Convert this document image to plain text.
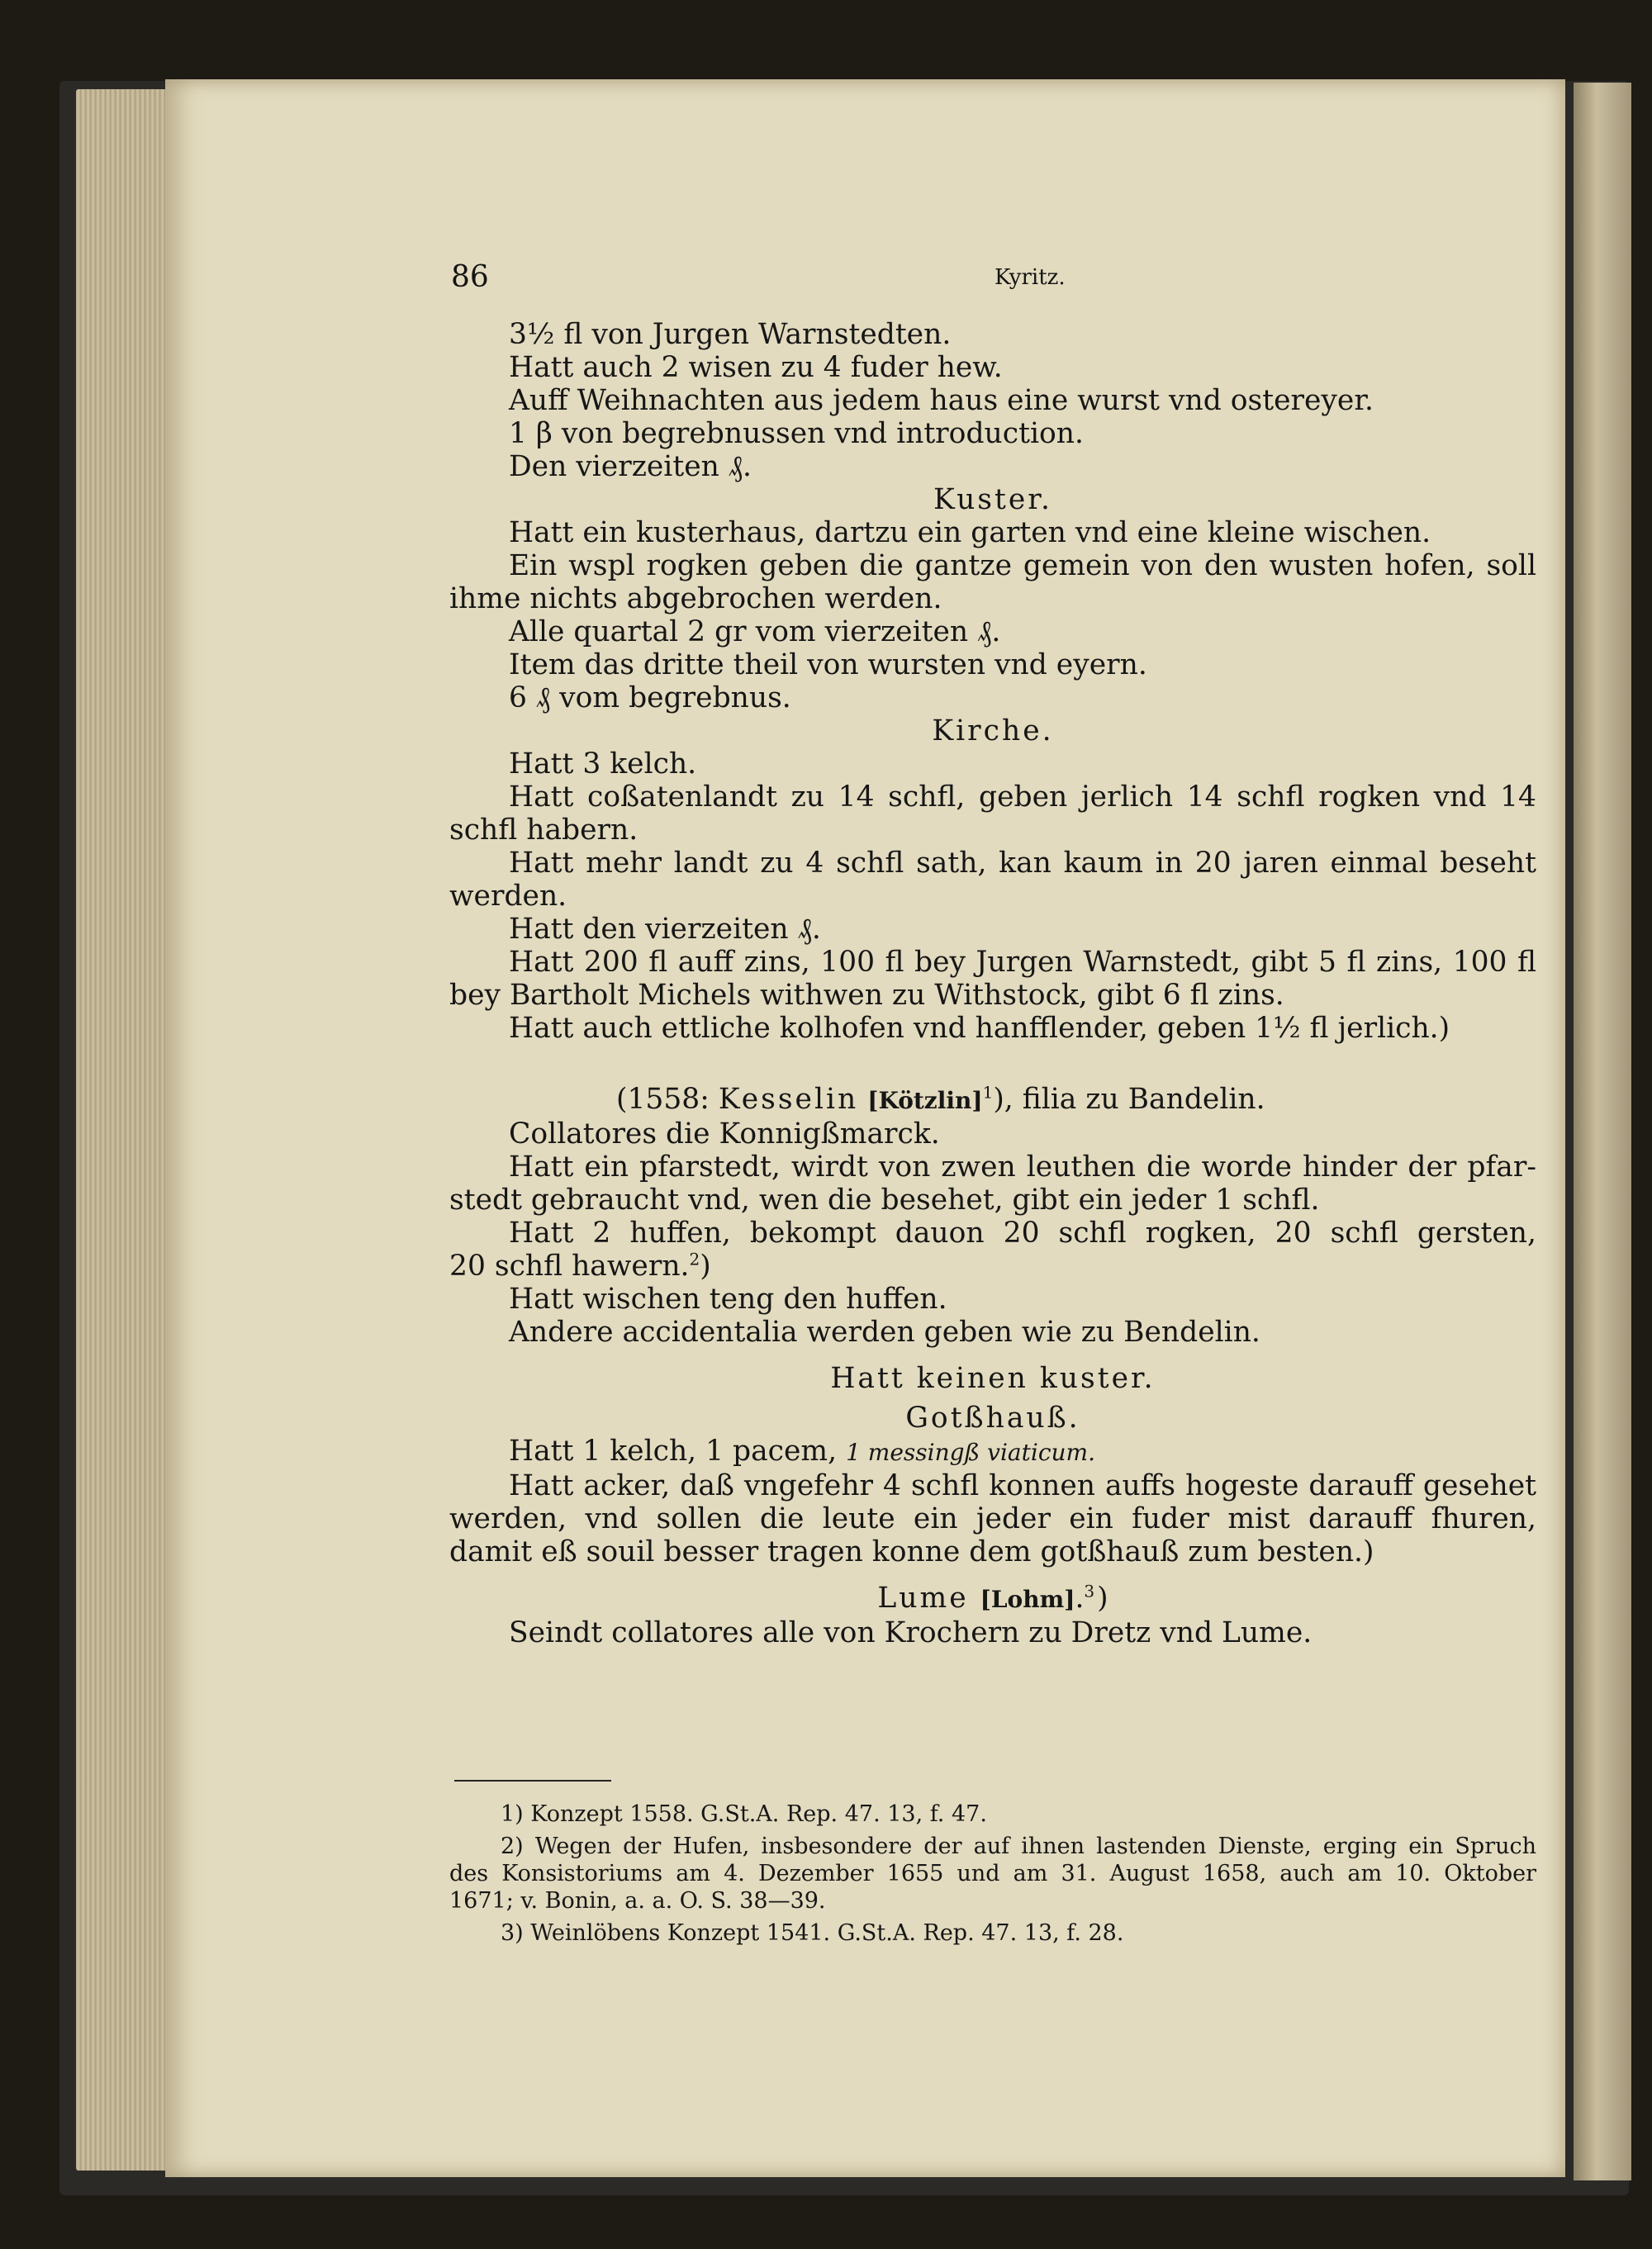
86	Kyritz.

3½ fl von Jurgen Warnstedten.

Hatt auch 2 wisen zu 4 fuder hew.

Auff Weihnachten aus jedem haus eine wurst vnd ostereyer.

1 β von begrebnussen vnd introduction.

Den vierzeiten ₰.

Kuster.

Hatt ein kusterhaus, dartzu ein garten vnd eine kleine wischen.

Ein wspl rogken geben die gantze gemein von den wusten hofen, soll

ihme nichts abgebrochen werden.

Alle quartal 2 gr vom vierzeiten ₰.

Item das dritte theil von wursten vnd eyern.

6 ₰ vom begrebnus.

Kirche.

Hatt 3 kelch.

Hatt coßatenlandt zu 14 schfl, geben jerlich 14 schfl rogken vnd 14

schfl habern.

Hatt mehr landt zu 4 schfl sath, kan kaum in 20 jaren einmal beseht

werden.

Hatt den vierzeiten ₰.

Hatt 200 fl auff zins, 100 fl bey Jurgen Warnstedt, gibt 5 fl zins, 100 fl

bey Bartholt Michels withwen zu Withstock, gibt 6 fl zins.

Hatt auch ettliche kolhofen vnd hanfflender, geben 1½ fl jerlich.)

(1558: Kesselin [Kötzlin]$^1$), filia zu Bandelin.

Collatores die Konnigßmarck.

Hatt ein pfarstedt, wirdt von zwen leuthen die worde hinder der pfar-

stedt gebraucht vnd, wen die besehet, gibt ein jeder 1 schfl.

Hatt 2 huffen, bekompt dauon 20 schfl rogken, 20 schfl gersten,

20 schfl hawern.$^2$)

Hatt wischen teng den huffen.

Andere accidentalia werden geben wie zu Bendelin.

Hatt keinen kuster.

Gotßhauß.

Hatt 1 kelch, 1 pacem, 1 messingß viaticum.

Hatt acker, daß vngefehr 4 schfl konnen auffs hogeste darauff gesehet

werden, vnd sollen die leute ein jeder ein fuder mist darauff fhuren,

damit eß souil besser tragen konne dem gotßhauß zum besten.)

Lume [Lohm].$^3$)

Seindt collatores alle von Krochern zu Dretz vnd Lume.

1) Konzept 1558. G.St.A. Rep. 47. 13, f. 47.

2) Wegen der Hufen, insbesondere der auf ihnen lastenden Dienste, erging ein Spruch

des Konsistoriums am 4. Dezember 1655 und am 31. August 1658, auch am 10. Oktober

1671; v. Bonin, a. a. O. S. 38—39.

3) Weinlöbens Konzept 1541. G.St.A. Rep. 47. 13, f. 28.
